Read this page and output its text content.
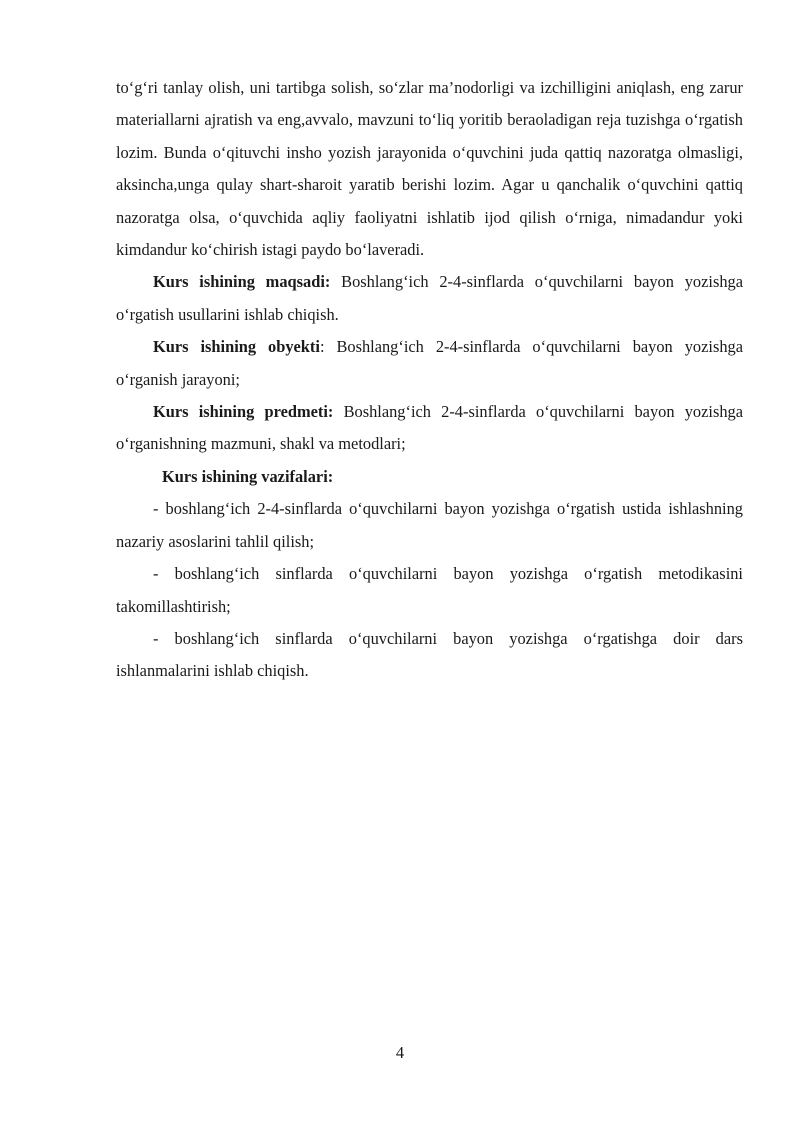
to‘g‘ri tanlay olish, uni tartibga solish, so‘zlar ma’nodorligi va izchilligini aniqlash, eng zarur materiallarni ajratish va eng,avvalo, mavzuni to‘liq yoritib beraoladigan reja tuzishga o‘rgatish lozim. Bunda o‘qituvchi insho yozish jarayonida o‘quvchini juda qattiq nazoratga olmasligi, aksincha,unga qulay shart-sharoit yaratib berishi lozim. Agar u qanchalik o‘quvchini qattiq nazoratga olsa, o‘quvchida aqliy faoliyatni ishlatib ijod qilish o‘rniga, nimadandur yoki kimdandur ko‘chirish istagi paydo bo‘laveradi.

Kurs ishining maqsadi: Boshlang‘ich 2-4-sinflarda o‘quvchilarni bayon yozishga o‘rgatish usullarini ishlab chiqish.

Kurs ishining obyekti: Boshlang‘ich 2-4-sinflarda o‘quvchilarni bayon yozishga o‘rganish jarayoni;

Kurs ishining predmeti: Boshlang‘ich 2-4-sinflarda o‘quvchilarni bayon yozishga o‘rganishning mazmuni, shakl va metodlari;

Kurs ishining vazifalari:

- boshlang‘ich 2-4-sinflarda o‘quvchilarni bayon yozishga o‘rgatish ustida ishlashning nazariy asoslarini tahlil qilish;

- boshlang‘ich sinflarda o‘quvchilarni bayon yozishga o‘rgatish metodikasini takomillashtirish;

- boshlang‘ich sinflarda o‘quvchilarni bayon yozishga o‘rgatishga doir dars ishlanmalarini ishlab chiqish.

4
